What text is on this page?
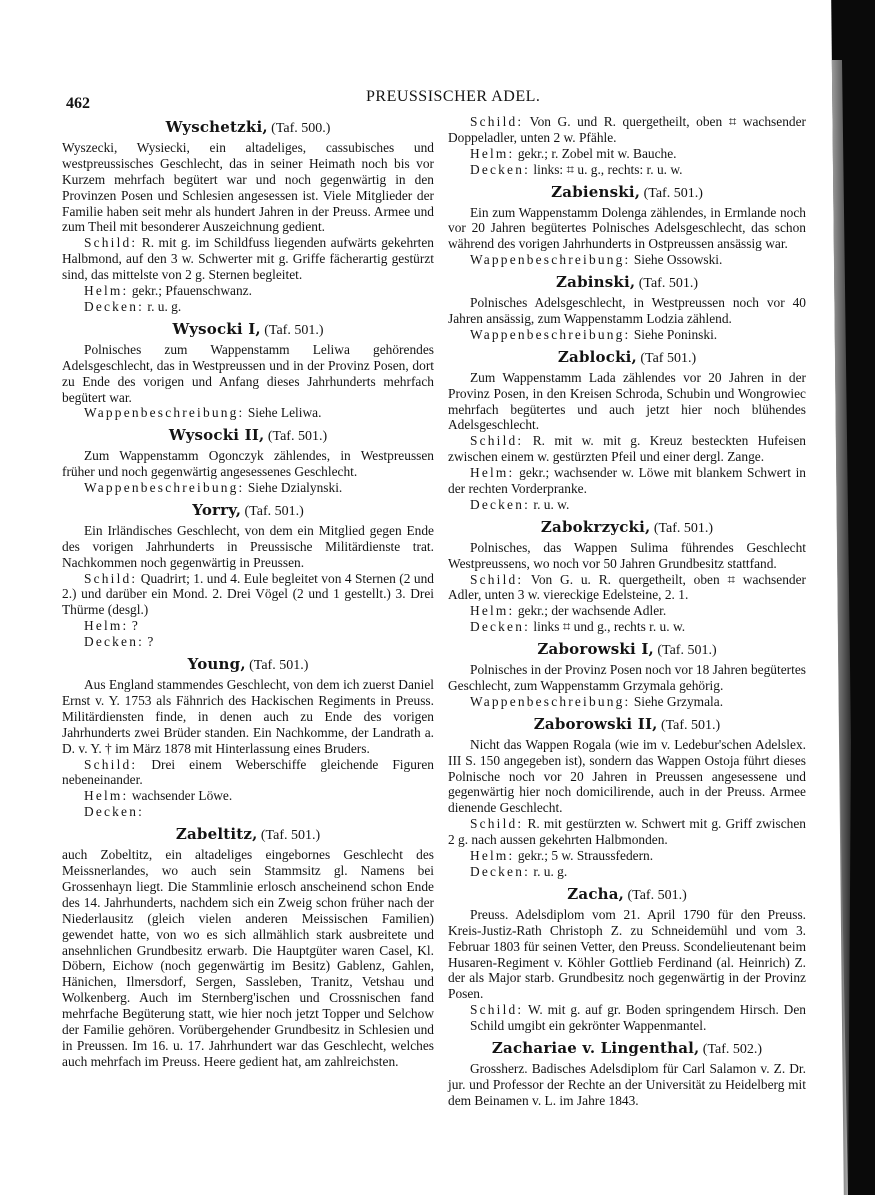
462	PREUSSISCHER ADEL.
Wyschetzki, (Taf. 500.)

Wyszecki, Wysiecki, ein altadeliges, cassubisches und westpreussisches Geschlecht, das in seiner Heimath noch bis vor Kurzem mehrfach begütert war und noch gegenwärtig in den Provinzen Posen und Schlesien angesessen ist. Viele Mitglieder der Familie haben seit mehr als hundert Jahren in der Preuss. Armee und zum Theil mit besonderer Auszeichnung gedient.

Schild: R. mit g. im Schildfuss liegenden aufwärts gekehrten Halbmond, auf den 3 w. Schwerter mit g. Griffe fächerartig gestürzt sind, das mittelste von 2 g. Sternen begleitet.

Helm: gekr.; Pfauenschwanz.

Decken: r. u. g.

Wysocki I, (Taf. 501.)

Polnisches zum Wappenstamm Leliwa gehörendes Adelsgeschlecht, das in Westpreussen und in der Provinz Posen, dort zu Ende des vorigen und Anfang dieses Jahrhunderts mehrfach begütert war.

Wappenbeschreibung: Siehe Leliwa.

Wysocki II, (Taf. 501.)

Zum Wappenstamm Ogonczyk zählendes, in Westpreussen früher und noch gegenwärtig angesessenes Geschlecht.

Wappenbeschreibung: Siehe Dzialynski.

Yorry, (Taf. 501.)

Ein Irländisches Geschlecht, von dem ein Mitglied gegen Ende des vorigen Jahrhunderts in Preussische Militärdienste trat. Nachkommen noch gegenwärtig in Preussen.

Schild: Quadrirt; 1. und 4. Eule begleitet von 4 Sternen (2 und 2.) und darüber ein Mond. 2. Drei Vögel (2 und 1 gestellt.) 3. Drei Thürme (desgl.)

Helm: ?

Decken: ?

Young, (Taf. 501.)

Aus England stammendes Geschlecht, von dem ich zuerst Daniel Ernst v. Y. 1753 als Fähnrich des Hackischen Regiments in Preuss. Militärdiensten finde, in denen auch zu Ende des vorigen Jahrhunderts zwei Brüder standen. Ein Nachkomme, der Landrath a. D. v. Y. † im März 1878 mit Hinterlassung eines Bruders.

Schild: Drei einem Weberschiffe gleichende Figuren nebeneinander.

Helm: wachsender Löwe.

Decken:

Zabeltitz, (Taf. 501.)

auch Zobeltitz, ein altadeliges eingebornes Geschlecht des Meissnerlandes, wo auch sein Stammsitz gl. Namens bei Grossenhayn liegt. Die Stammlinie erlosch anscheinend schon Ende des 14. Jahrhunderts, nachdem sich ein Zweig schon früher nach der Niederlausitz (gleich vielen anderen Meissischen Familien) gewendet hatte, von wo es sich allmählich stark ausbreitete und ansehnlichen Grundbesitz erwarb. Die Hauptgüter waren Casel, Kl. Döbern, Eichow (noch gegenwärtig im Besitz) Gablenz, Gahlen, Hänichen, Ilmersdorf, Sergen, Sassleben, Tranitz, Vetshau und Wolkenberg. Auch im Sternberg'ischen und Crossnischen fand mehrfache Begüterung statt, wie hier noch jetzt Topper und Selchow der Familie gehören. Vorübergehender Grundbesitz in Schlesien und in Preussen. Im 16. u. 17. Jahrhundert war das Geschlecht, welches auch mehrfach im Preuss. Heere gedient hat, am zahlreichsten.

Schild: Von G. und R. quergetheilt, oben ⌗ wachsender Doppeladler, unten 2 w. Pfähle.

Helm: gekr.; r. Zobel mit w. Bauche.

Decken: links: ⌗ u. g., rechts: r. u. w.

Zabienski, (Taf. 501.)

Ein zum Wappenstamm Dolenga zählendes, in Ermlande noch vor 20 Jahren begütertes Polnisches Adelsgeschlecht, das schon während des vorigen Jahrhunderts in Ostpreussen ansässig war.

Wappenbeschreibung: Siehe Ossowski.

Zabinski, (Taf. 501.)

Polnisches Adelsgeschlecht, in Westpreussen noch vor 40 Jahren ansässig, zum Wappenstamm Lodzia zählend.

Wappenbeschreibung: Siehe Poninski.

Zablocki, (Taf 501.)

Zum Wappenstamm Lada zählendes vor 20 Jahren in der Provinz Posen, in den Kreisen Schroda, Schubin und Wongrowiec mehrfach begütertes und auch jetzt hier noch blühendes Adelsgeschlecht.

Schild: R. mit w. mit g. Kreuz besteckten Hufeisen zwischen einem w. gestürzten Pfeil und einer dergl. Zange.

Helm: gekr.; wachsender w. Löwe mit blankem Schwert in der rechten Vorderpranke.

Decken: r. u. w.

Zabokrzycki, (Taf. 501.)

Polnisches, das Wappen Sulima führendes Geschlecht Westpreussens, wo noch vor 50 Jahren Grundbesitz stattfand.

Schild: Von G. u. R. quergetheilt, oben ⌗ wachsender Adler, unten 3 w. viereckige Edelsteine, 2. 1.

Helm: gekr.; der wachsende Adler.

Decken: links ⌗ und g., rechts r. u. w.

Zaborowski I, (Taf. 501.)

Polnisches in der Provinz Posen noch vor 18 Jahren begütertes Geschlecht, zum Wappenstamm Grzymala gehörig.

Wappenbeschreibung: Siehe Grzymala.

Zaborowski II, (Taf. 501.)

Nicht das Wappen Rogala (wie im v. Ledebur'schen Adelslex. III S. 150 angegeben ist), sondern das Wappen Ostoja führt dieses Polnische noch vor 20 Jahren in Preussen angesessene und gegenwärtig hier noch domicilirende, auch in der Preuss. Armee dienende Geschlecht.

Schild: R. mit gestürzten w. Schwert mit g. Griff zwischen 2 g. nach aussen gekehrten Halbmonden.

Helm: gekr.; 5 w. Straussfedern.

Decken: r. u. g.

Zacha, (Taf. 501.)

Preuss. Adelsdiplom vom 21. April 1790 für den Preuss. Kreis-Justiz-Rath Christoph Z. zu Schneidemühl und vom 3. Februar 1803 für seinen Vetter, den Preuss. Scondelieutenant beim Husaren-Regiment v. Köhler Gottlieb Ferdinand (al. Heinrich) Z. der als Major starb. Grundbesitz noch gegenwärtig in der Provinz Posen.

Schild: W. mit g. auf gr. Boden springendem Hirsch. Den Schild umgibt ein gekrönter Wappenmantel.

Zachariae v. Lingenthal, (Taf. 502.)

Grossherz. Badisches Adelsdiplom für Carl Salamon v. Z. Dr. jur. und Professor der Rechte an der Universität zu Heidelberg mit dem Beinamen v. L. im Jahre 1843.
